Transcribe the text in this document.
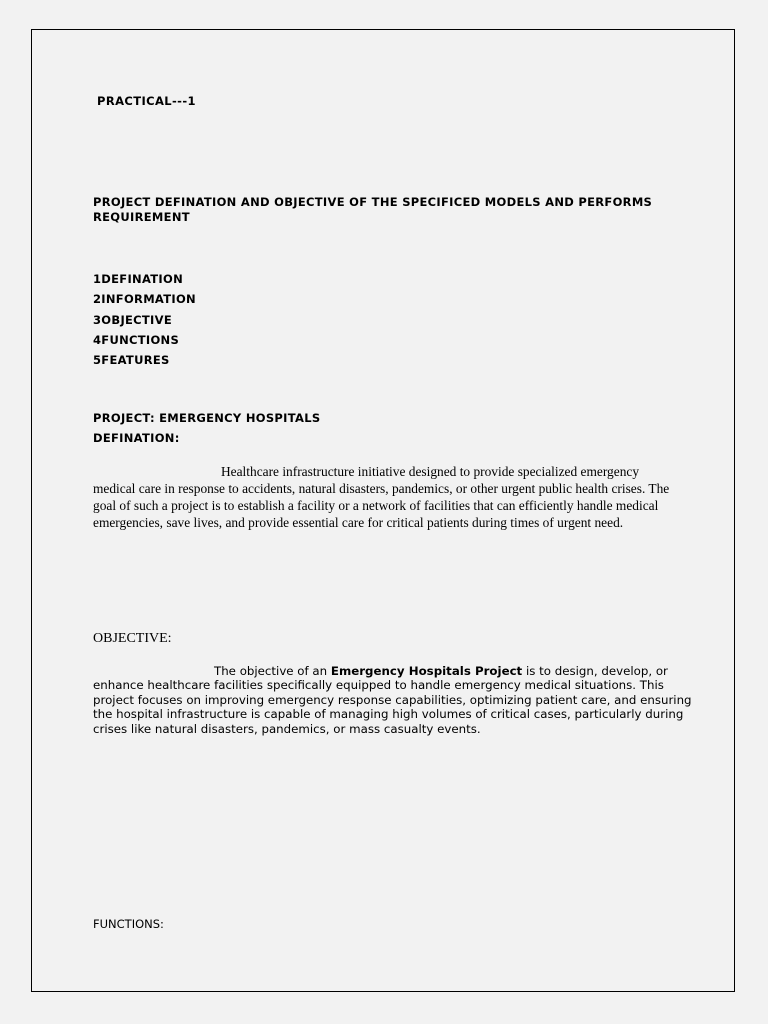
PRACTICAL---1
PROJECT DEFINATION AND OBJECTIVE OF THE SPECIFICED MODELS AND PERFORMS REQUIREMENT
1DEFINATION
2INFORMATION
3OBJECTIVE
4FUNCTIONS
5FEATURES
PROJECT: EMERGENCY HOSPITALS
DEFINATION:

Healthcare infrastructure initiative designed to provide specialized emergency medical care in response to accidents, natural disasters, pandemics, or other urgent public health crises. The goal of such a project is to establish a facility or a network of facilities that can efficiently handle medical emergencies, save lives, and provide essential care for critical patients during times of urgent need.

OBJECTIVE:

The objective of an Emergency Hospitals Project is to design, develop, or enhance healthcare facilities specifically equipped to handle emergency medical situations. This project focuses on improving emergency response capabilities, optimizing patient care, and ensuring the hospital infrastructure is capable of managing high volumes of critical cases, particularly during crises like natural disasters, pandemics, or mass casualty events.

FUNCTIONS:
